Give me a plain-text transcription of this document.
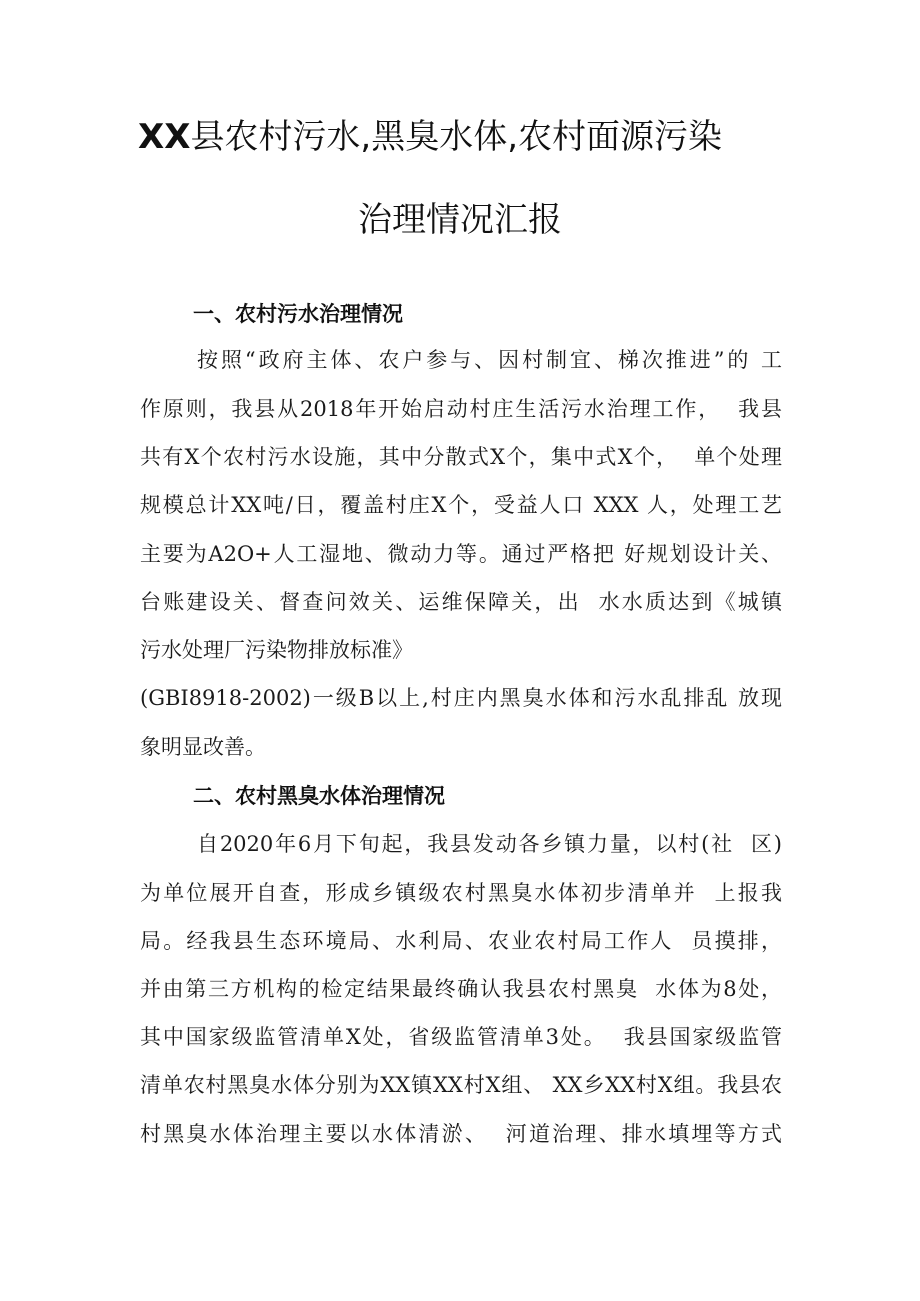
XX县农村污水,黑臭水体,农村面源污染
治理情况汇报
一、农村污水治理情况
按照“政府主体、农户参与、因村制宜、梯次推进”的 工
作原则，我县从2018年开始启动村庄生活污水治理工作，  我县
共有X个农村污水设施，其中分散式X个，集中式X个，  单个处理
规模总计XX吨/日，覆盖村庄X个，受益人口 XXX 人，处理工艺
主要为A2O+人工湿地、微动力等。通过严格把 好规划设计关、
台账建设关、督查问效关、运维保障关，出  水水质达到《城镇
污水处理厂污染物排放标准》
(GBI8918-2002)一级B以上,村庄内黑臭水体和污水乱排乱 放现
象明显改善。
二、农村黑臭水体治理情况
自2020年6月下旬起，我县发动各乡镇力量，以村(社  区)
为单位展开自查，形成乡镇级农村黑臭水体初步清单并  上报我
局。经我县生态环境局、水利局、农业农村局工作人  员摸排，
并由第三方机构的检定结果最终确认我县农村黑臭  水体为8处，
其中国家级监管清单X处，省级监管清单3处。  我县国家级监管
清单农村黑臭水体分别为XX镇XX村X组、 XX乡XX村X组。我县农
村黑臭水体治理主要以水体清淤、  河道治理、排水填埋等方式
